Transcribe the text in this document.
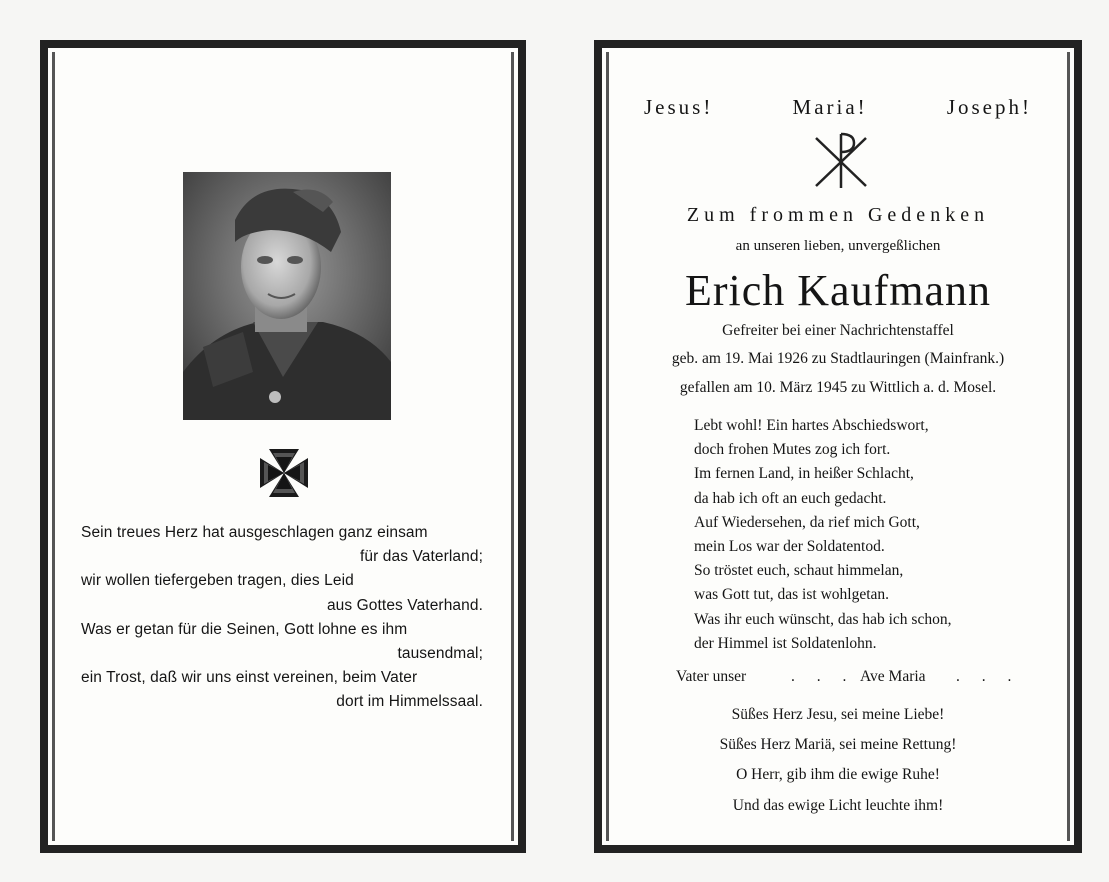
Sein treues Herz hat ausgeschlagen ganz einsam
für das Vaterland;
wir wollen tiefergeben tragen, dies Leid
aus Gottes Vaterhand.
Was er getan für die Seinen, Gott lohne es ihm
tausendmal;
ein Trost, daß wir uns einst vereinen, beim Vater
dort im Himmelssaal.
Jesus!	Maria!	Joseph!
Zum frommen Gedenken
an unseren lieben, unvergeßlichen
Erich Kaufmann
Gefreiter bei einer Nachrichtenstaffel
geb. am 19. Mai 1926 zu Stadtlauringen (Mainfrank.)
gefallen am 10. März 1945 zu Wittlich a. d. Mosel.
Lebt wohl! Ein hartes Abschiedswort,
doch frohen Mutes zog ich fort.
Im fernen Land, in heißer Schlacht,
da hab ich oft an euch gedacht.
Auf Wiedersehen, da rief mich Gott,
mein Los war der Soldatentod.
So tröstet euch, schaut himmelan,
was Gott tut, das ist wohlgetan.
Was ihr euch wünscht, das hab ich schon,
der Himmel ist Soldatenlohn.
Vater unser	. . . Ave Maria . . .
Süßes Herz Jesu, sei meine Liebe!
Süßes Herz Mariä, sei meine Rettung!
O Herr, gib ihm die ewige Ruhe!
Und das ewige Licht leuchte ihm!
